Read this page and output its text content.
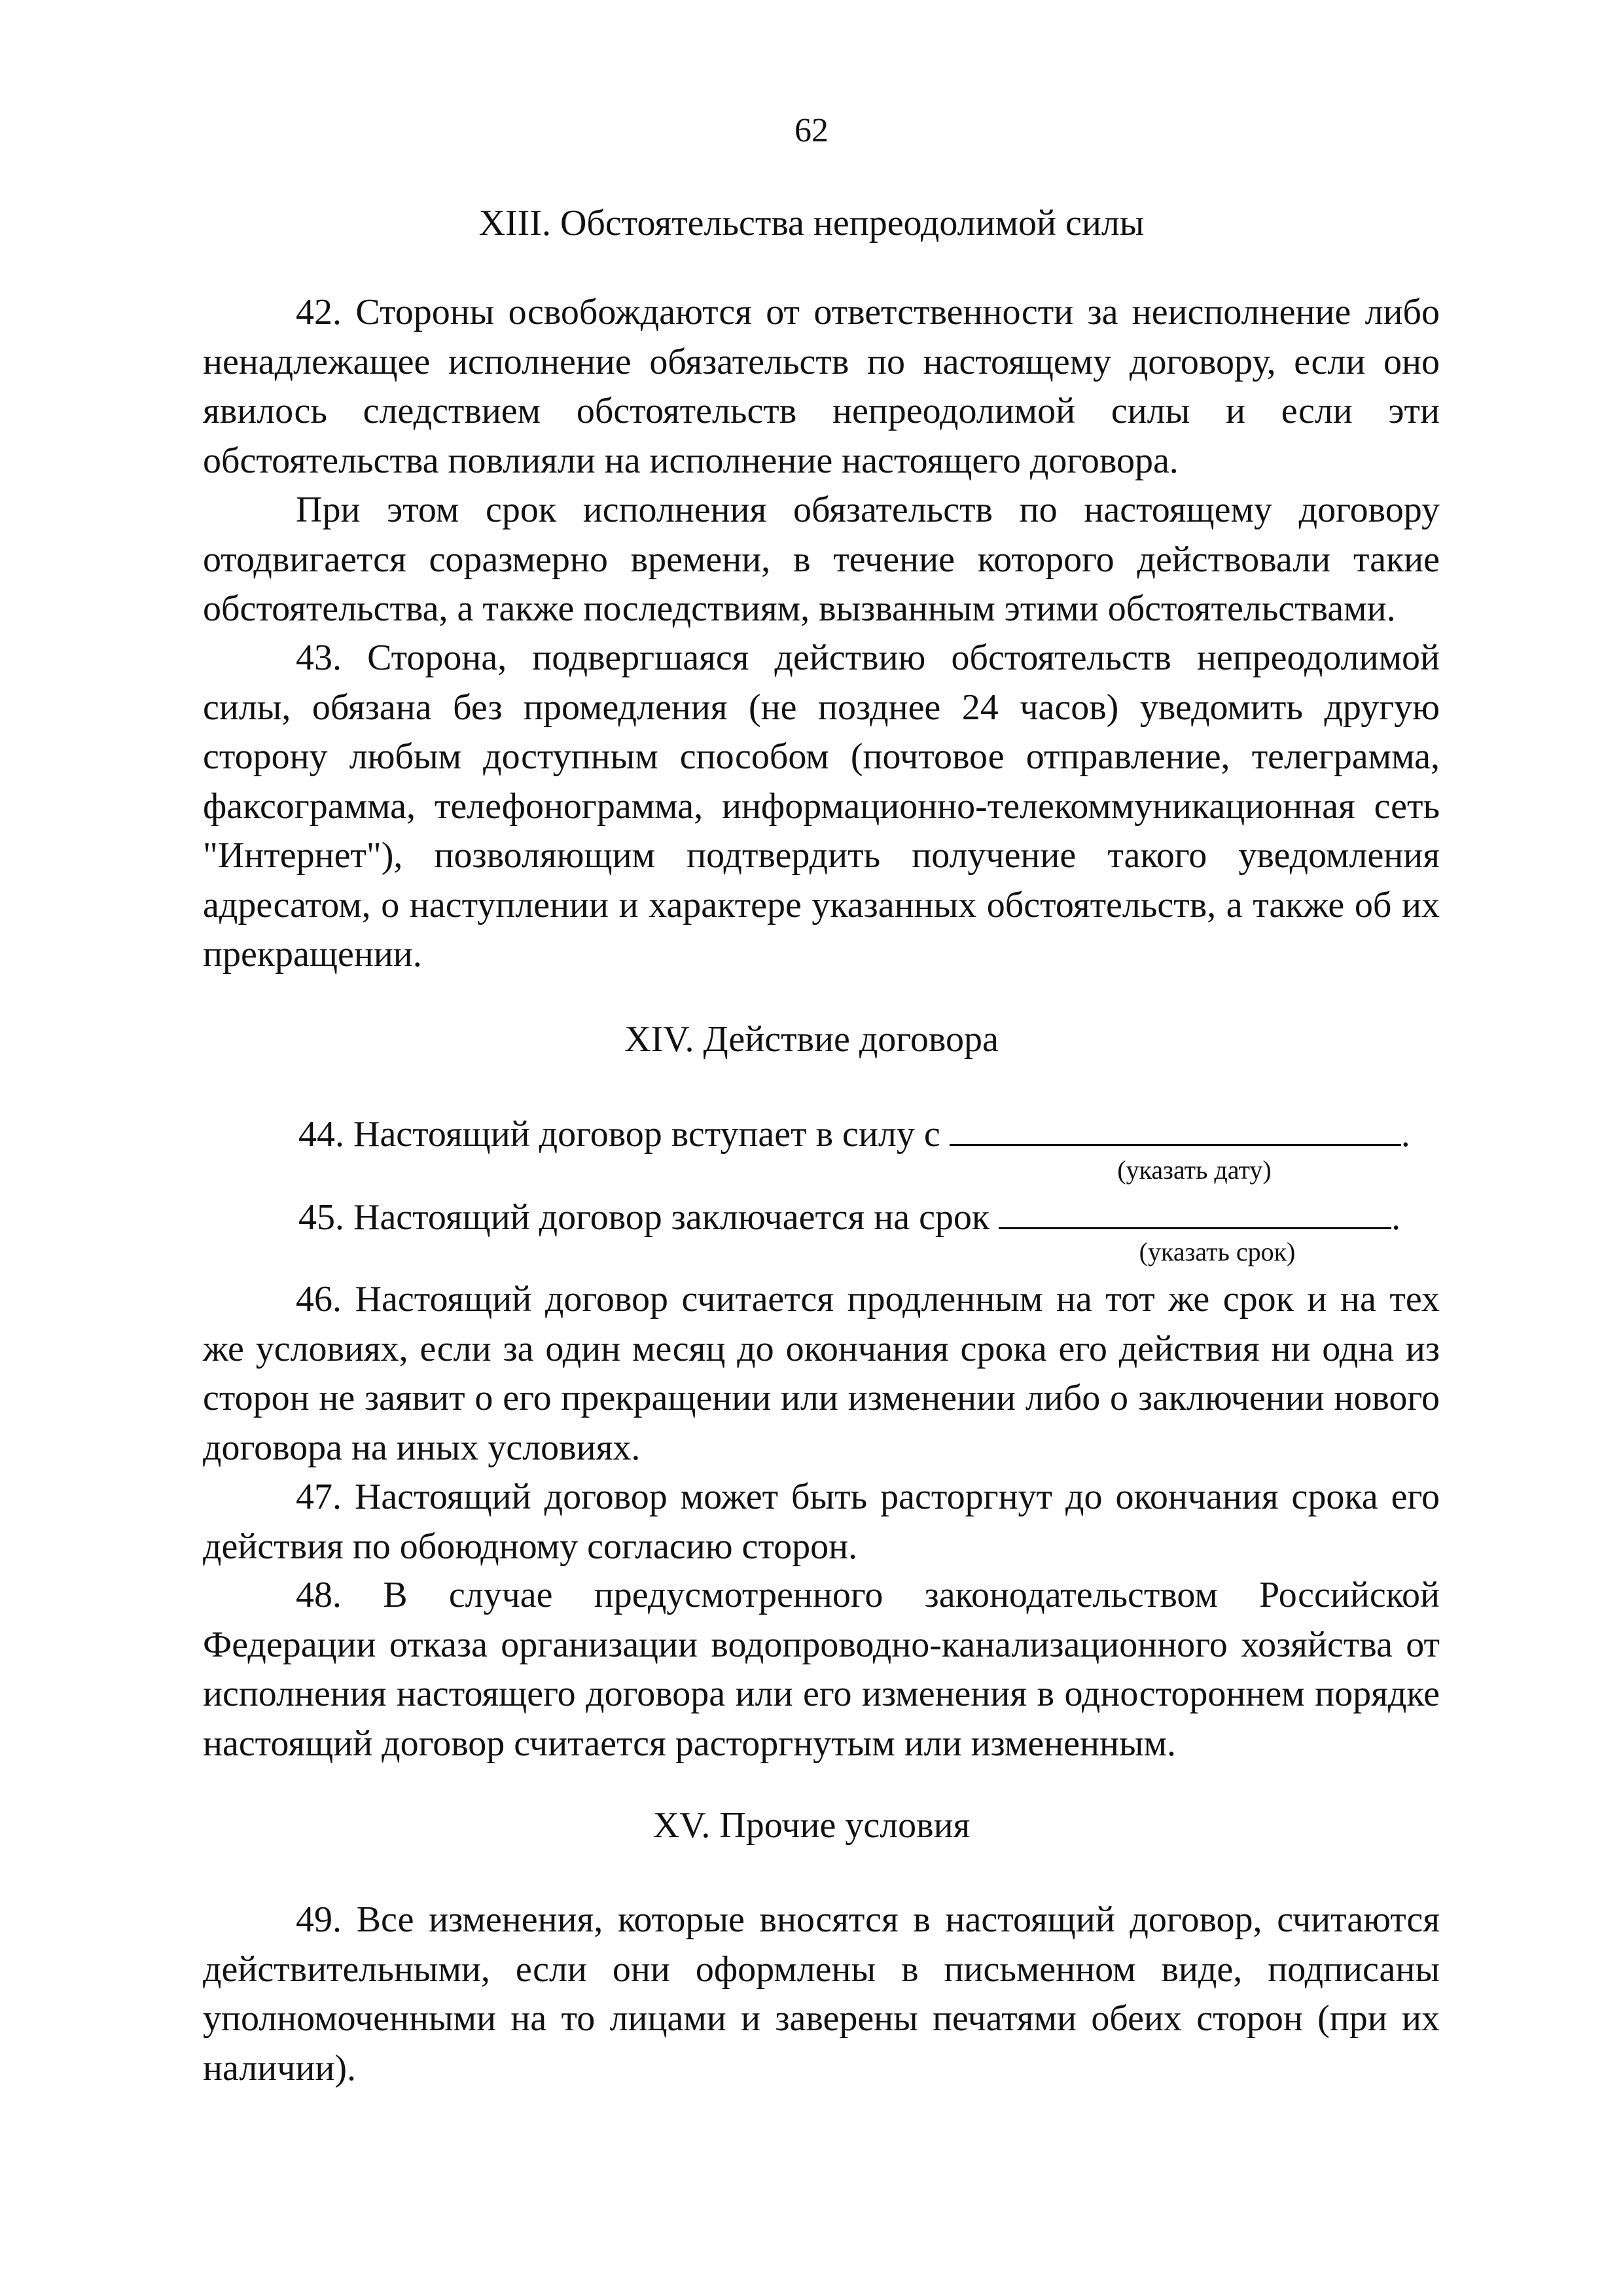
62
XIII. Обстоятельства непреодолимой силы

42. Стороны освобождаются от ответственности за неисполнение либо ненадлежащее исполнение обязательств по настоящему договору, если оно явилось следствием обстоятельств непреодолимой силы и если эти обстоятельства повлияли на исполнение настоящего договора.

При этом срок исполнения обязательств по настоящему договору отодвигается соразмерно времени, в течение которого действовали такие обстоятельства, а также последствиям, вызванным этими обстоятельствами.

43. Сторона, подвергшаяся действию обстоятельств непреодолимой силы, обязана без промедления (не позднее 24 часов) уведомить другую сторону любым доступным способом (почтовое отправление, телеграмма, факсограмма, телефонограмма, информационно-телекоммуникационная сеть "Интернет"), позволяющим подтвердить получение такого уведомления адресатом, о наступлении и характере указанных обстоятельств, а также об их прекращении.

XIV. Действие договора
44. Настоящий договор вступает в силу с	.
(указать дату)
45. Настоящий договор заключается на срок	.
(указать срок)

46. Настоящий договор считается продленным на тот же срок и на тех же условиях, если за один месяц до окончания срока его действия ни одна из сторон не заявит о его прекращении или изменении либо о заключении нового договора на иных условиях.

47. Настоящий договор может быть расторгнут до окончания срока его действия по обоюдному согласию сторон.

48. В случае предусмотренного законодательством Российской Федерации отказа организации водопроводно-канализационного хозяйства от исполнения настоящего договора или его изменения в одностороннем порядке настоящий договор считается расторгнутым или измененным.

XV. Прочие условия

49. Все изменения, которые вносятся в настоящий договор, считаются действительными, если они оформлены в письменном виде, подписаны уполномоченными на то лицами и заверены печатями обеих сторон (при их наличии).
